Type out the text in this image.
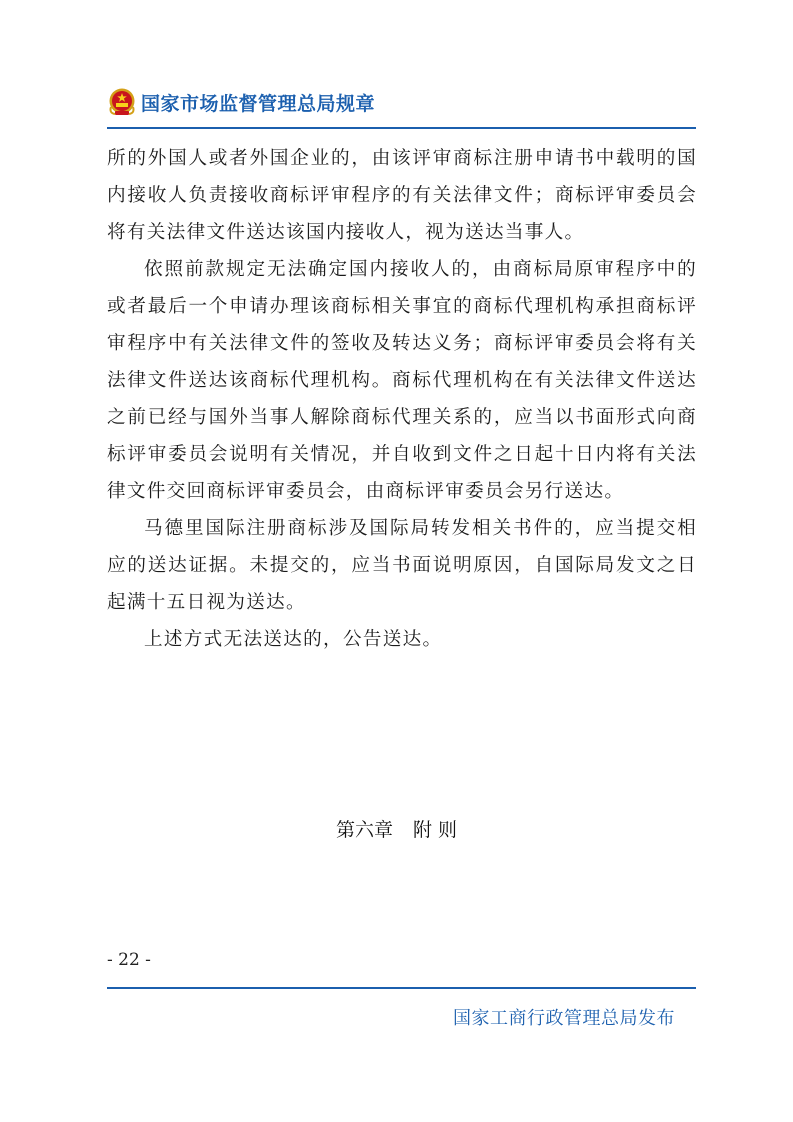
国家市场监督管理总局规章

所的外国人或者外国企业的，由该评审商标注册申请书中载明的国内接收人负责接收商标评审程序的有关法律文件；商标评审委员会将有关法律文件送达该国内接收人，视为送达当事人。

依照前款规定无法确定国内接收人的，由商标局原审程序中的或者最后一个申请办理该商标相关事宜的商标代理机构承担商标评审程序中有关法律文件的签收及转达义务；商标评审委员会将有关法律文件送达该商标代理机构。商标代理机构在有关法律文件送达之前已经与国外当事人解除商标代理关系的，应当以书面形式向商标评审委员会说明有关情况，并自收到文件之日起十日内将有关法律文件交回商标评审委员会，由商标评审委员会另行送达。

马德里国际注册商标涉及国际局转发相关书件的，应当提交相应的送达证据。未提交的，应当书面说明原因，自国际局发文之日起满十五日视为送达。

上述方式无法送达的，公告送达。

第六章 附 则
- 22 -
国家工商行政管理总局发布
